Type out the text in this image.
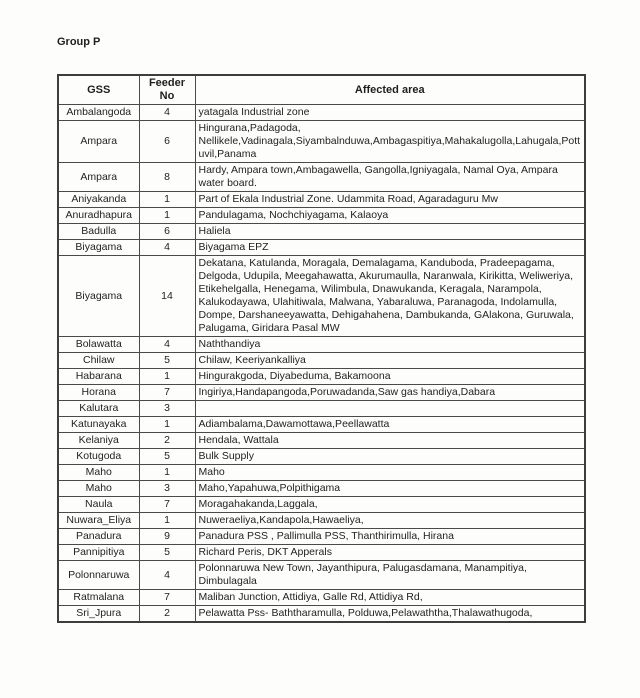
Group P
GSS	Feeder No	Affected area
Ambalangoda	4	yatagala Industrial zone
Ampara	6	Hingurana,Padagoda, Nellikele,Vadinagala,Siyambalnduwa,Ambagaspitiya,Mahakalugolla,Lahugala,Pottuvil,Panama
Ampara	8	Hardy, Ampara town,Ambagawella, Gangolla,Igniyagala, Namal Oya, Ampara water board.
Aniyakanda	1	Part of Ekala Industrial Zone. Udammita Road, Agaradaguru Mw
Anuradhapura	1	Pandulagama, Nochchiyagama, Kalaoya
Badulla	6	Haliela
Biyagama	4	Biyagama EPZ
Biyagama	14	Dekatana, Katulanda, Moragala, Demalagama, Kanduboda, Pradeepagama, Delgoda, Udupila, Meegahawatta, Akurumaulla, Naranwala, Kirikitta, Weliweriya, Etikehelgalla, Henegama, Wilimbula, Dnawukanda, Keragala, Narampola, Kalukodayawa, Ulahitiwala, Malwana, Yabaraluwa, Paranagoda, Indolamulla, Dompe, Darshaneeyawatta, Dehigahahena, Dambukanda, GAlakona, Guruwala, Palugama, Giridara Pasal MW
Bolawatta	4	Naththandiya
Chilaw	5	Chilaw, Keeriyankalliya
Habarana	1	Hingurakgoda, Diyabeduma, Bakamoona
Horana	7	Ingiriya,Handapangoda,Poruwadanda,Saw gas handiya,Dabara
Kalutara	3	
Katunayaka	1	Adiambalama,Dawamottawa,Peellawatta
Kelaniya	2	Hendala, Wattala
Kotugoda	5	Bulk Supply
Maho	1	Maho
Maho	3	Maho,Yapahuwa,Polpithigama
Naula	7	Moragahakanda,Laggala,
Nuwara_Eliya	1	Nuweraeliya,Kandapola,Hawaeliya,
Panadura	9	Panadura PSS , Pallimulla PSS, Thanthirimulla, Hirana
Pannipitiya	5	Richard Peris, DKT Apperals
Polonnaruwa	4	Polonnaruwa New Town, Jayanthipura, Palugasdamana, Manampitiya, Dimbulagala
Ratmalana	7	Maliban Junction, Attidiya, Galle Rd, Attidiya Rd,
Sri_Jpura	2	Pelawatta Pss- Baththaramulla, Polduwa,Pelawaththa,Thalawathugoda,
